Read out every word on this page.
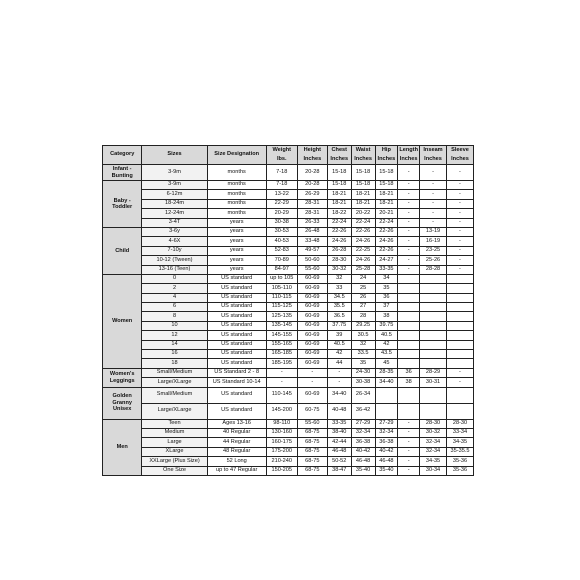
Category	Sizes	Size Designation	Weight	Height	Chest	Waist	Hip	Length	Inseam	Sleeve
			lbs.	Inches	Inches	Inches	Inches	Inches	Inches	Inches
Infant - Bunting	3-9m	months	7-18	20-28	15-18	15-18	15-18	-	-	-
Baby - Toddler	3-9m	months	7-18	20-28	15-18	15-18	15-18	-	-	-
	6-12m	months	13-22	26-29	18-21	18-21	18-21	-	-	-
	18-24m	months	22-29	28-31	18-21	18-21	18-21	-	-	-
	12-24m	months	20-29	28-31	18-22	20-22	20-21	-	-	-
	3-4T	years	30-38	26-33	22-24	22-24	22-24	-	-	-
Child	3-6y	years	30-53	26-48	22-26	22-26	22-26	-	13-19	-
	4-6X	years	40-53	33-48	24-26	24-26	24-26	-	16-19	-
	7-10y	years	52-83	49-57	26-28	22-25	22-26	-	23-25	-
	10-12 (Tween)	years	70-89	50-60	28-30	24-26	24-27	-	25-26	-
	13-16 (Teen)	years	84-97	55-60	30-32	25-28	33-35	-	28-28	-
Women	0	US standard	up to 105	60-69	32	24	34			
	2	US standard	105-110	60-69	33	25	35			
	4	US standard	110-115	60-69	34.5	26	36			
	6	US standard	115-125	60-69	35.5	27	37			
	8	US standard	125-135	60-69	36.5	28	38			
	10	US standard	135-145	60-69	37.75	29.25	39.75			
	12	US standard	145-155	60-69	39	30.5	40.5			
	14	US standard	155-165	60-69	40.5	32	42			
	16	US standard	165-185	60-69	42	33.5	43.5			
	18	US standard	185-195	60-69	44	35	45			
Women's Leggings	Small/Medium	US Standard 2 - 8	-	-	-	24-30	28-35	36	28-29	-
	Large/XLarge	US Standard 10-14	-	-	-	30-38	34-40	38	30-31	-
Golden Granny Unisex	Small/Medium	US standard	110-145	60-69	34-40	26-34				
	Large/XLarge	US standard	145-200	60-75	40-48	36-42				
Men	Teen	Ages 13-16	98-110	55-60	33-35	27-29	27-29	-	28-30	28-30
	Medium	40 Regular	130-160	68-75	38-40	32-34	32-34	-	30-32	33-34
	Large	44 Regular	160-175	68-75	42-44	36-38	36-38	-	32-34	34-35
	XLarge	48 Regular	175-200	68-75	46-48	40-42	40-42	-	32-34	35-35.5
	XXLarge (Plus Size)	52 Long	210-240	68-75	50-52	46-48	46-48	-	34-35	35-36
	One Size	up to 47 Regular	150-205	68-75	38-47	35-40	35-40	-	30-34	35-36
